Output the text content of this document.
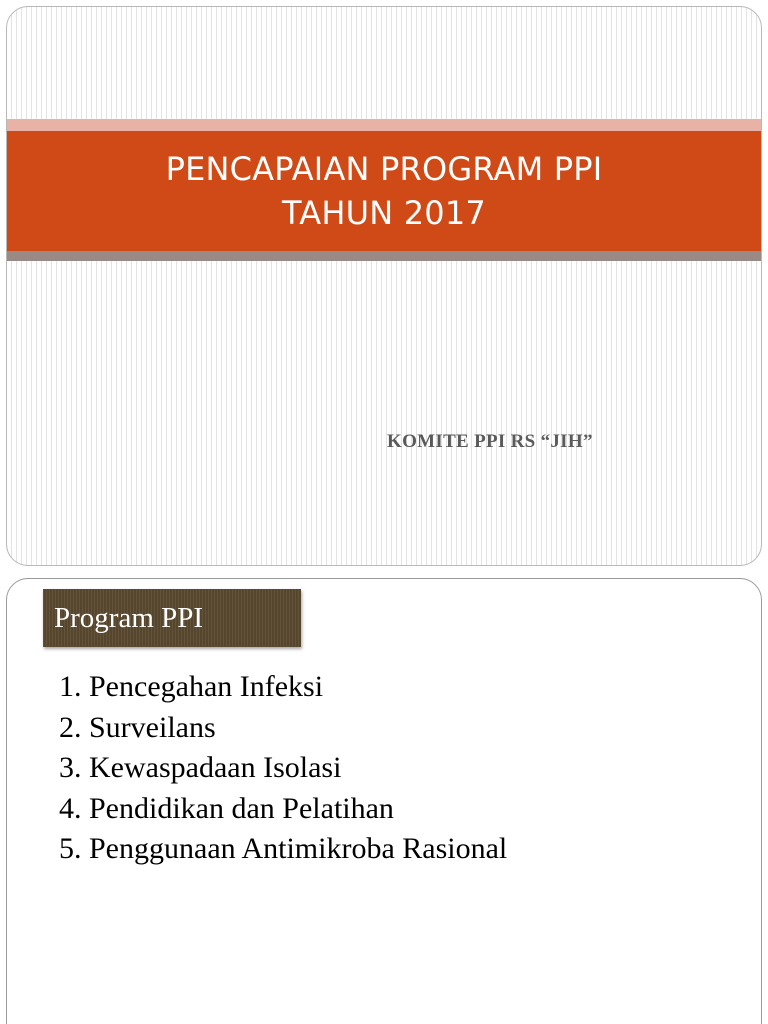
PENCAPAIAN PROGRAM PPI
TAHUN 2017
KOMITE PPI RS “JIH”
Program PPI
1. Pencegahan Infeksi
2. Surveilans
3. Kewaspadaan Isolasi
4. Pendidikan dan Pelatihan
5. Penggunaan Antimikroba Rasional
